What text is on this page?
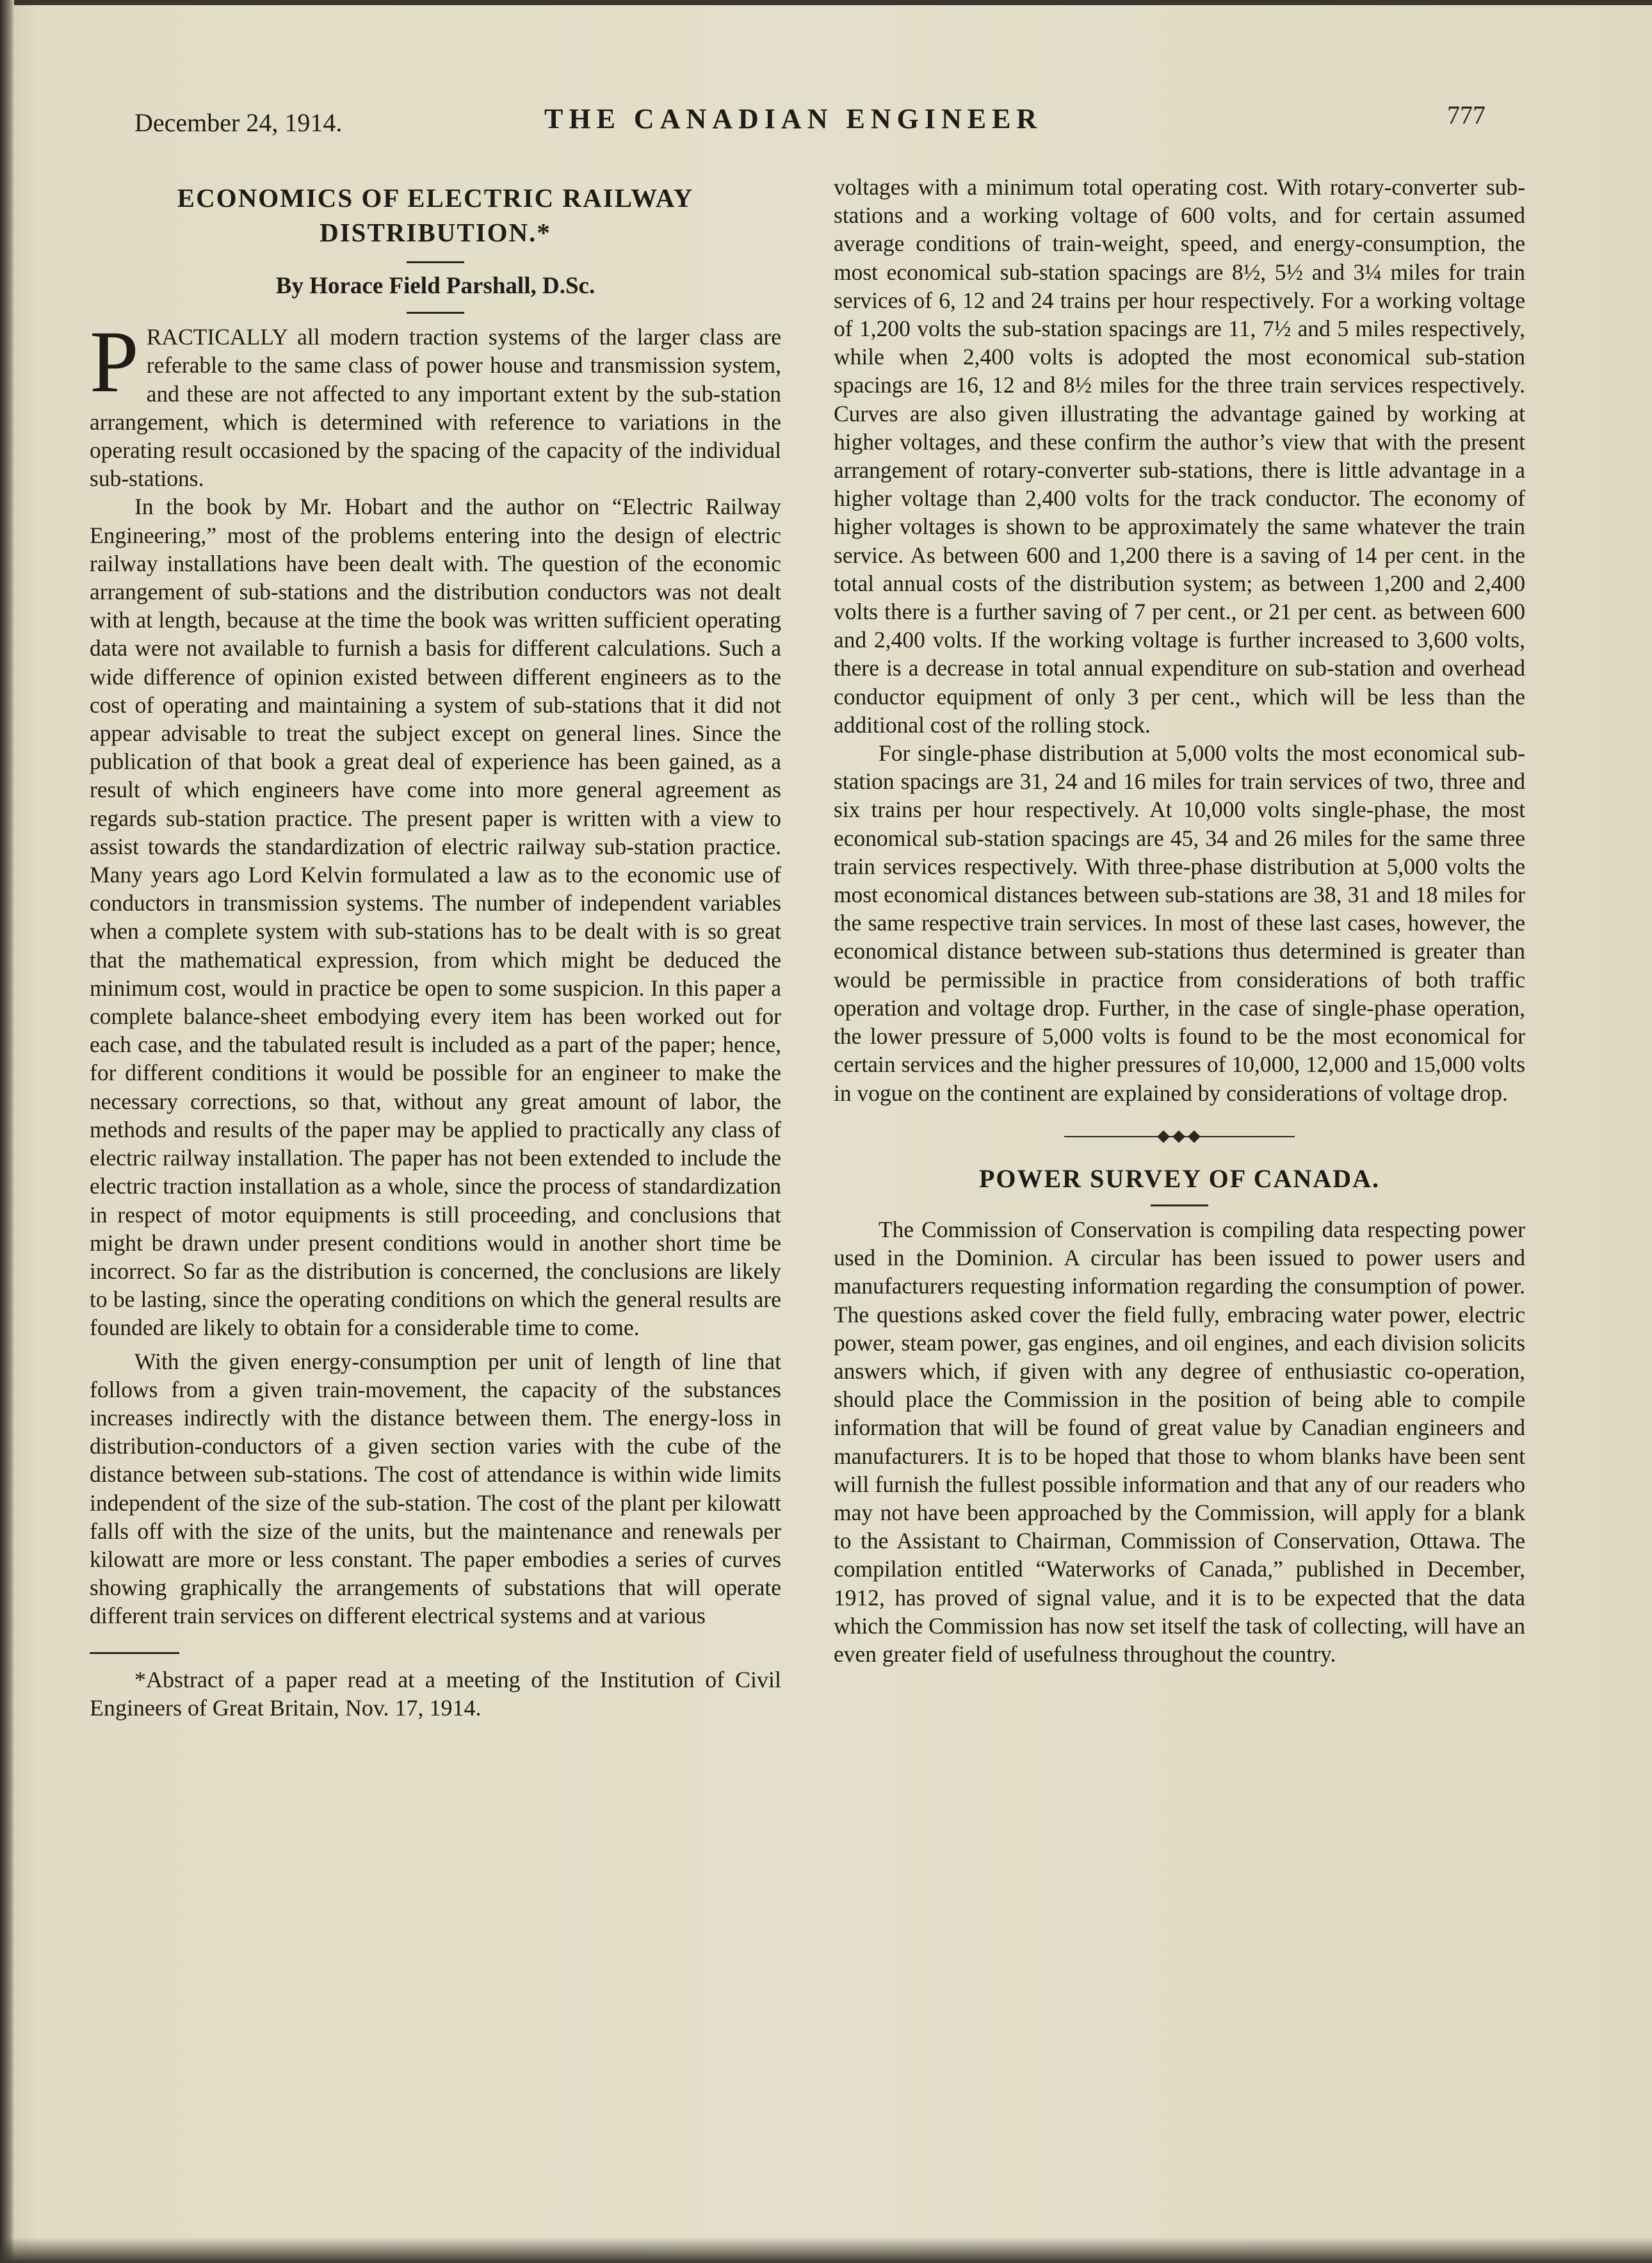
December 24, 1914.	THE CANADIAN ENGINEER	777
ECONOMICS OF ELECTRIC RAILWAY
DISTRIBUTION.*
By Horace Field Parshall, D.Sc.

PRACTICALLY all modern traction systems of the larger class are referable to the same class of power house and transmission system, and these are not affected to any important extent by the sub-station arrangement, which is determined with reference to variations in the operating result occasioned by the spacing of the capacity of the individual sub-stations.

In the book by Mr. Hobart and the author on “Electric Railway Engineering,” most of the problems entering into the design of electric railway installations have been dealt with. The question of the economic arrangement of sub-stations and the distribution conductors was not dealt with at length, because at the time the book was written sufficient operating data were not available to furnish a basis for different calculations. Such a wide difference of opinion existed between different engineers as to the cost of operating and maintaining a system of sub-stations that it did not appear advisable to treat the subject except on general lines. Since the publication of that book a great deal of experience has been gained, as a result of which engineers have come into more general agreement as regards sub-station practice. The present paper is written with a view to assist towards the standardization of electric railway sub-station practice. Many years ago Lord Kelvin formulated a law as to the economic use of conductors in transmission systems. The number of independent variables when a complete system with sub-stations has to be dealt with is so great that the mathematical expression, from which might be deduced the minimum cost, would in practice be open to some suspicion. In this paper a complete balance-sheet embodying every item has been worked out for each case, and the tabulated result is included as a part of the paper; hence, for different conditions it would be possible for an engineer to make the necessary corrections, so that, without any great amount of labor, the methods and results of the paper may be applied to practically any class of electric railway installation. The paper has not been extended to include the electric traction installation as a whole, since the process of standardization in respect of motor equipments is still proceeding, and conclusions that might be drawn under present conditions would in another short time be incorrect. So far as the distribution is concerned, the conclusions are likely to be lasting, since the operating conditions on which the general results are founded are likely to obtain for a considerable time to come.

With the given energy-consumption per unit of length of line that follows from a given train-movement, the capacity of the substances increases indirectly with the distance between them. The energy-loss in distribution-conductors of a given section varies with the cube of the distance between sub-stations. The cost of attendance is within wide limits independent of the size of the sub-station. The cost of the plant per kilowatt falls off with the size of the units, but the maintenance and renewals per kilowatt are more or less constant. The paper embodies a series of curves showing graphically the arrangements of substations that will operate different train services on different electrical systems and at various

*Abstract of a paper read at a meeting of the Institution of Civil Engineers of Great Britain, Nov. 17, 1914.

voltages with a minimum total operating cost. With rotary-converter sub-stations and a working voltage of 600 volts, and for certain assumed average conditions of train-weight, speed, and energy-consumption, the most economical sub-station spacings are 8½, 5½ and 3¼ miles for train services of 6, 12 and 24 trains per hour respectively. For a working voltage of 1,200 volts the sub-station spacings are 11, 7½ and 5 miles respectively, while when 2,400 volts is adopted the most economical sub-station spacings are 16, 12 and 8½ miles for the three train services respectively. Curves are also given illustrating the advantage gained by working at higher voltages, and these confirm the author’s view that with the present arrangement of rotary-converter sub-stations, there is little advantage in a higher voltage than 2,400 volts for the track conductor. The economy of higher voltages is shown to be approximately the same whatever the train service. As between 600 and 1,200 there is a saving of 14 per cent. in the total annual costs of the distribution system; as between 1,200 and 2,400 volts there is a further saving of 7 per cent., or 21 per cent. as between 600 and 2,400 volts. If the working voltage is further increased to 3,600 volts, there is a decrease in total annual expenditure on sub-station and overhead conductor equipment of only 3 per cent., which will be less than the additional cost of the rolling stock.

For single-phase distribution at 5,000 volts the most economical sub-station spacings are 31, 24 and 16 miles for train services of two, three and six trains per hour respectively. At 10,000 volts single-phase, the most economical sub-station spacings are 45, 34 and 26 miles for the same three train services respectively. With three-phase distribution at 5,000 volts the most economical distances between sub-stations are 38, 31 and 18 miles for the same respective train services. In most of these last cases, however, the economical distance between sub-stations thus determined is greater than would be permissible in practice from considerations of both traffic operation and voltage drop. Further, in the case of single-phase operation, the lower pressure of 5,000 volts is found to be the most economical for certain services and the higher pressures of 10,000, 12,000 and 15,000 volts in vogue on the continent are explained by considerations of voltage drop.

POWER SURVEY OF CANADA.

The Commission of Conservation is compiling data respecting power used in the Dominion. A circular has been issued to power users and manufacturers requesting information regarding the consumption of power. The questions asked cover the field fully, embracing water power, electric power, steam power, gas engines, and oil engines, and each division solicits answers which, if given with any degree of enthusiastic co-operation, should place the Commission in the position of being able to compile information that will be found of great value by Canadian engineers and manufacturers. It is to be hoped that those to whom blanks have been sent will furnish the fullest possible information and that any of our readers who may not have been approached by the Commission, will apply for a blank to the Assistant to Chairman, Commission of Conservation, Ottawa. The compilation entitled “Waterworks of Canada,” published in December, 1912, has proved of signal value, and it is to be expected that the data which the Commission has now set itself the task of collecting, will have an even greater field of usefulness throughout the country.
